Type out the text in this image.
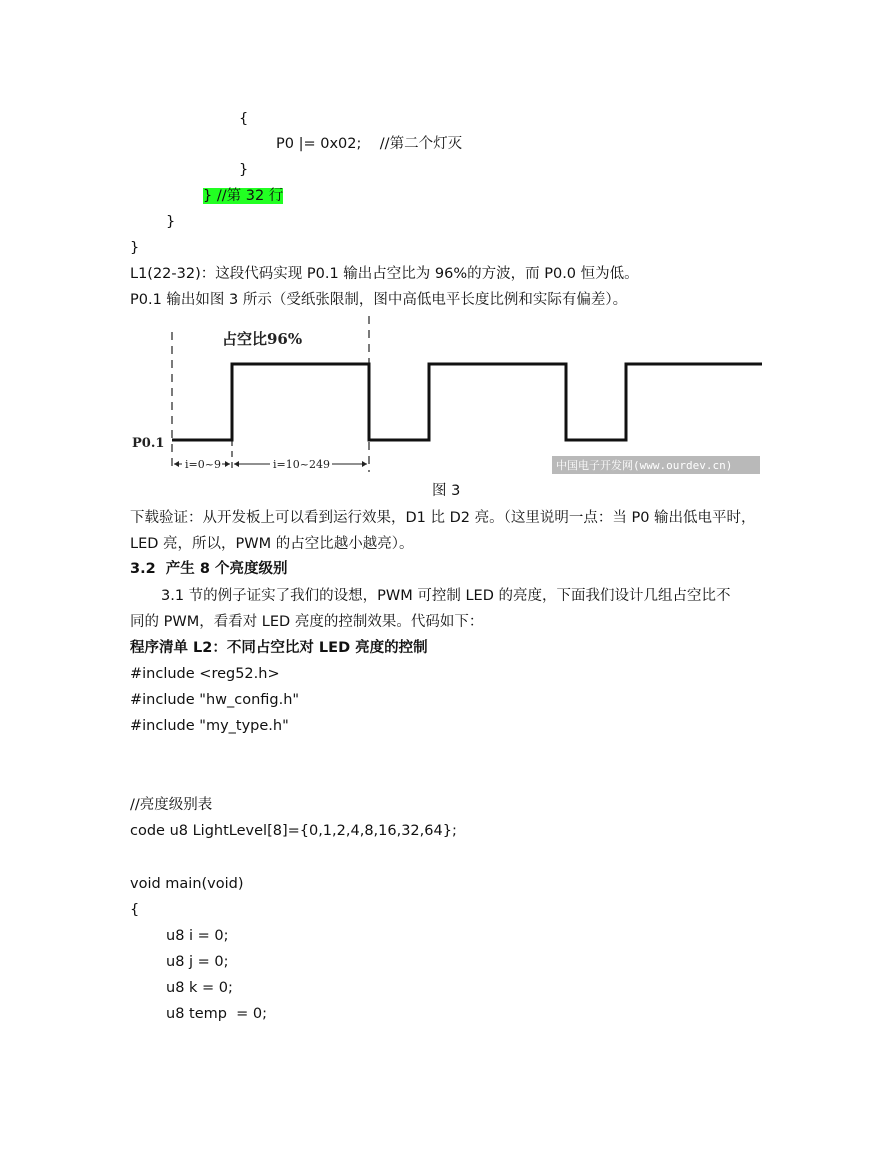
{
P0 |= 0x02;    //第二个灯灭
}
} //第 32 行
}
}
L1(22-32)：这段代码实现 P0.1 输出占空比为 96%的方波，而 P0.0 恒为低。
P0.1 输出如图 3 所示（受纸张限制，图中高低电平长度比例和实际有偏差）。
占空比96%
P0.1
i=0~9	i=10~249	中国电子开发网(www.ourdev.cn)
图 3
下载验证：从开发板上可以看到运行效果，D1 比 D2 亮。（这里说明一点：当 P0 输出低电平时，
LED 亮，所以，PWM 的占空比越小越亮）。
3.2  产生 8 个亮度级别
3.1 节的例子证实了我们的设想，PWM 可控制 LED 的亮度，下面我们设计几组占空比不
同的 PWM，看看对 LED 亮度的控制效果。代码如下：
程序清单 L2：不同占空比对 LED 亮度的控制
#include <reg52.h>
#include "hw_config.h"
#include "my_type.h"
//亮度级别表
code u8 LightLevel[8]={0,1,2,4,8,16,32,64};
void main(void)
{
u8 i = 0;
u8 j = 0;
u8 k = 0;
u8 temp  = 0;
